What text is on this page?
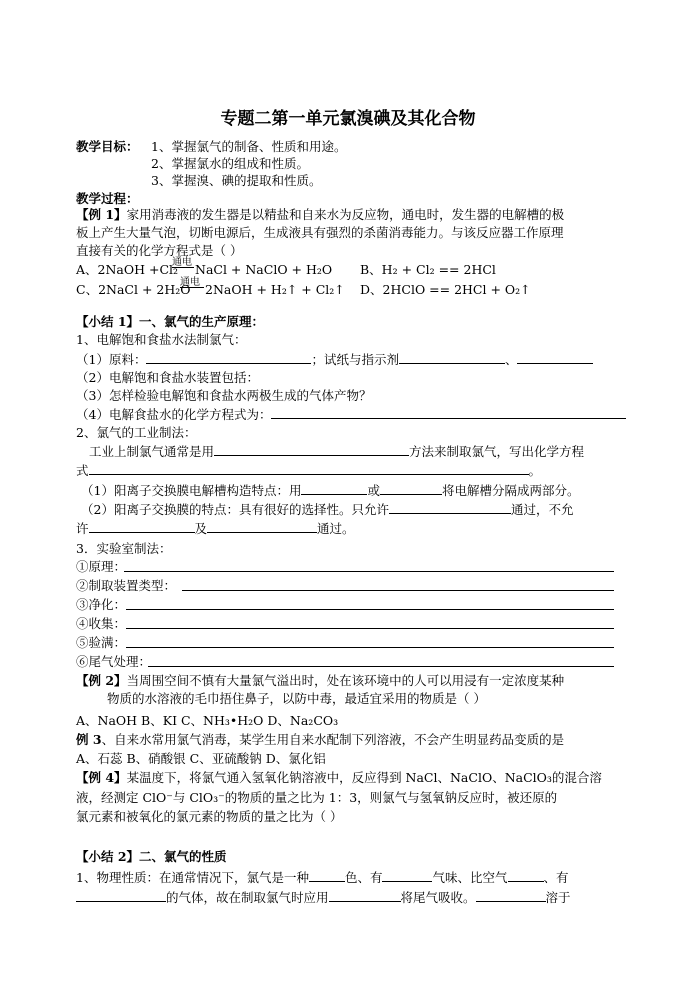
专题二第一单元氯溴碘及其化合物
教学目标： 1、掌握氯气的制备、性质和用途。
2、掌握氯水的组成和性质。
3、掌握溴、碘的提取和性质。
教学过程：
【例 1】家用消毒液的发生器是以精盐和自来水为反应物，通电时，发生器的电解槽的极
板上产生大量气泡，切断电源后，生成液具有强烈的杀菌消毒能力。与该反应器工作原理
直接有关的化学方程式是（ ）
A、2NaOH +Cl₂
通电 NaCl + NaClO + H₂O B、H₂ + Cl₂ == 2HCl
C、2NaCl + 2H₂O
通电 2NaOH + H₂↑ + Cl₂↑ D、2HClO == 2HCl + O₂↑
【小结 1】一、氯气的生产原理：
1、电解饱和食盐水法制氯气：
（1）原料：	；试纸与指示剂	、
（2）电解饱和食盐水装置包括：
（3）怎样检验电解饱和食盐水两极生成的气体产物？
（4）电解食盐水的化学方程式为：
2、氯气的工业制法：
工业上制氯气通常是用	方法来制取氯气，写出化学方程
式	。
（1）阳离子交换膜电解槽构造特点：用	或	将电解槽分隔成两部分。
（2）阳离子交换膜的特点：具有很好的选择性。只允许	通过，不允
许	及	通过。
3．实验室制法：
①原理：
②制取装置类型：
③净化：
④收集：
⑤验满：
⑥尾气处理：
【例 2】当周围空间不慎有大量氯气溢出时，处在该环境中的人可以用浸有一定浓度某种
物质的水溶液的毛巾捂住鼻子，以防中毒，最适宜采用的物质是（ ）
A、NaOH B、KI C、NH₃•H₂O D、Na₂CO₃
例 3、自来水常用氯气消毒，某学生用自来水配制下列溶液，不会产生明显药品变质的是
A、石蕊 B、硝酸银 C、亚硫酸钠 D、氯化铝
【例 4】某温度下，将氯气通入氢氧化钠溶液中，反应得到 NaCl、NaClO、NaClO₃的混合溶
液，经测定 ClO⁻与 ClO₃⁻的物质的量之比为 1：3，则氯气与氢氧钠反应时，被还原的
氯元素和被氧化的氯元素的物质的量之比为（ ）
【小结 2】二、氯气的性质
1、物理性质：在通常情况下，氯气是一种	色、有	气味、比空气	、有
的气体，故在制取氯气时应用	将尾气吸收。	溶于
